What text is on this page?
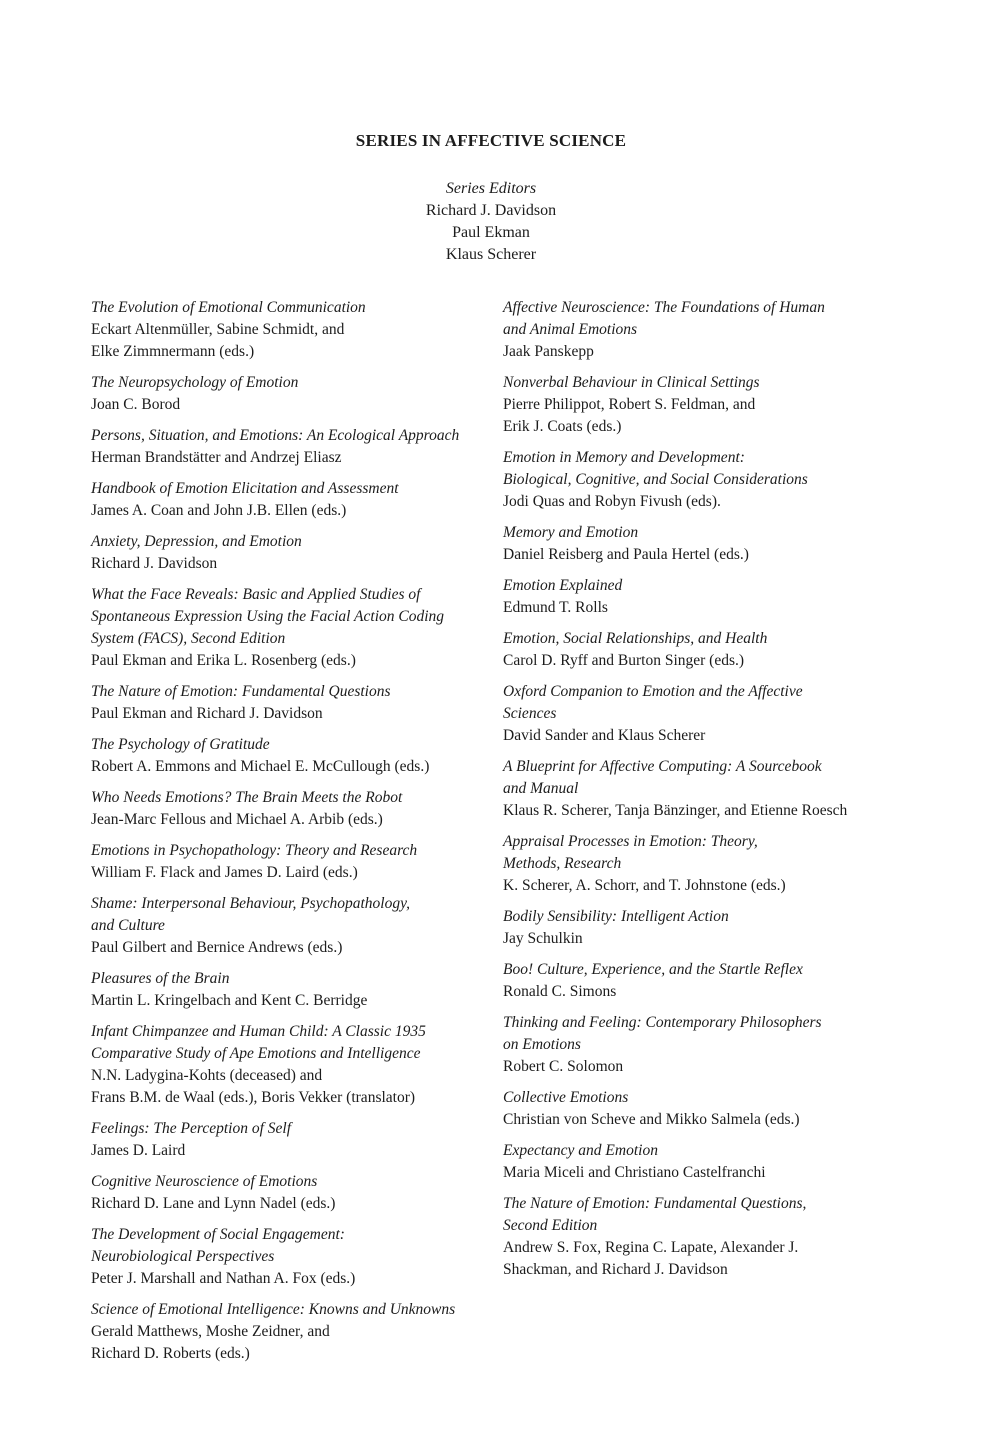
SERIES IN AFFECTIVE SCIENCE
Series Editors
Richard J. Davidson
Paul Ekman
Klaus Scherer
The Evolution of Emotional Communication
Eckart Altenmüller, Sabine Schmidt, and
Elke Zimmnermann (eds.)
The Neuropsychology of Emotion
Joan C. Borod
Persons, Situation, and Emotions: An Ecological Approach
Herman Brandstätter and Andrzej Eliasz
Handbook of Emotion Elicitation and Assessment
James A. Coan and John J.B. Ellen (eds.)
Anxiety, Depression, and Emotion
Richard J. Davidson
What the Face Reveals: Basic and Applied Studies of
Spontaneous Expression Using the Facial Action Coding
System (FACS), Second Edition
Paul Ekman and Erika L. Rosenberg (eds.)
The Nature of Emotion: Fundamental Questions
Paul Ekman and Richard J. Davidson
The Psychology of Gratitude
Robert A. Emmons and Michael E. McCullough (eds.)
Who Needs Emotions? The Brain Meets the Robot
Jean-Marc Fellous and Michael A. Arbib (eds.)
Emotions in Psychopathology: Theory and Research
William F. Flack and James D. Laird (eds.)
Shame: Interpersonal Behaviour, Psychopathology,
and Culture
Paul Gilbert and Bernice Andrews (eds.)
Pleasures of the Brain
Martin L. Kringelbach and Kent C. Berridge
Infant Chimpanzee and Human Child: A Classic 1935
Comparative Study of Ape Emotions and Intelligence
N.N. Ladygina-Kohts (deceased) and
Frans B.M. de Waal (eds.), Boris Vekker (translator)
Feelings: The Perception of Self
James D. Laird
Cognitive Neuroscience of Emotions
Richard D. Lane and Lynn Nadel (eds.)
The Development of Social Engagement:
Neurobiological Perspectives
Peter J. Marshall and Nathan A. Fox (eds.)
Science of Emotional Intelligence: Knowns and Unknowns
Gerald Matthews, Moshe Zeidner, and
Richard D. Roberts (eds.)
Affective Neuroscience: The Foundations of Human
and Animal Emotions
Jaak Panskepp
Nonverbal Behaviour in Clinical Settings
Pierre Philippot, Robert S. Feldman, and
Erik J. Coats (eds.)
Emotion in Memory and Development:
Biological, Cognitive, and Social Considerations
Jodi Quas and Robyn Fivush (eds).
Memory and Emotion
Daniel Reisberg and Paula Hertel (eds.)
Emotion Explained
Edmund T. Rolls
Emotion, Social Relationships, and Health
Carol D. Ryff and Burton Singer (eds.)
Oxford Companion to Emotion and the Affective
Sciences
David Sander and Klaus Scherer
A Blueprint for Affective Computing: A Sourcebook
and Manual
Klaus R. Scherer, Tanja Bänzinger, and Etienne Roesch
Appraisal Processes in Emotion: Theory,
Methods, Research
K. Scherer, A. Schorr, and T. Johnstone (eds.)
Bodily Sensibility: Intelligent Action
Jay Schulkin
Boo! Culture, Experience, and the Startle Reflex
Ronald C. Simons
Thinking and Feeling: Contemporary Philosophers
on Emotions
Robert C. Solomon
Collective Emotions
Christian von Scheve and Mikko Salmela (eds.)
Expectancy and Emotion
Maria Miceli and Christiano Castelfranchi
The Nature of Emotion: Fundamental Questions,
Second Edition
Andrew S. Fox, Regina C. Lapate, Alexander J.
Shackman, and Richard J. Davidson
